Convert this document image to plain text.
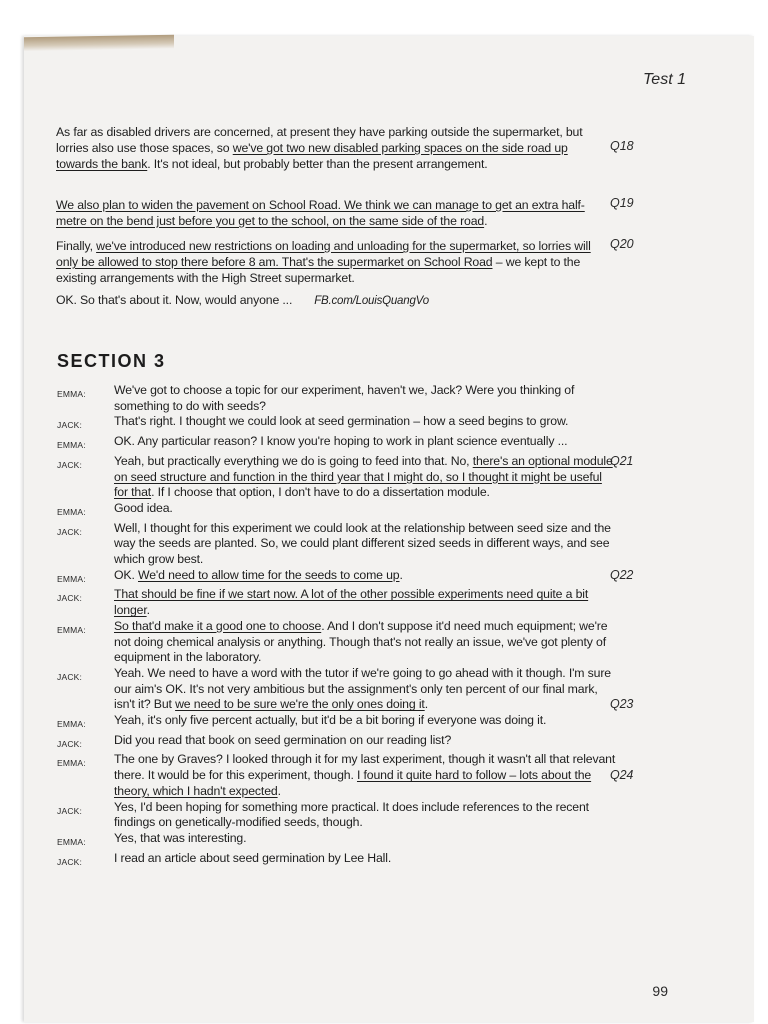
Test 1
As far as disabled drivers are concerned, at present they have parking outside the supermarket, but lorries also use those spaces, so we've got two new disabled parking spaces on the side road up towards the bank. It's not ideal, but probably better than the present arrangement.
Q18
We also plan to widen the pavement on School Road. We think we can manage to get an extra half-metre on the bend just before you get to the school, on the same side of the road.
Q19
Finally, we've introduced new restrictions on loading and unloading for the supermarket, so lorries will only be allowed to stop there before 8 am. That's the supermarket on School Road – we kept to the existing arrangements with the High Street supermarket.
Q20
OK. So that's about it. Now, would anyone ... FB.com/LouisQuangVo
SECTION 3
EMMA:	We've got to choose a topic for our experiment, haven't we, Jack? Were you thinking of something to do with seeds?
JACK:	That's right. I thought we could look at seed germination – how a seed begins to grow.
EMMA:	OK. Any particular reason? I know you're hoping to work in plant science eventually ...
JACK:	Yeah, but practically everything we do is going to feed into that. No, there's an optional module on seed structure and function in the third year that I might do, so I thought it might be useful for that. If I choose that option, I don't have to do a dissertation module.
Q21
EMMA:	Good idea.
JACK:	Well, I thought for this experiment we could look at the relationship between seed size and the way the seeds are planted. So, we could plant different sized seeds in different ways, and see which grow best.
EMMA:	OK. We'd need to allow time for the seeds to come up.	Q22
JACK:	That should be fine if we start now. A lot of the other possible experiments need quite a bit longer.
EMMA:	So that'd make it a good one to choose. And I don't suppose it'd need much equipment; we're not doing chemical analysis or anything. Though that's not really an issue, we've got plenty of equipment in the laboratory.
JACK:	Yeah. We need to have a word with the tutor if we're going to go ahead with it though. I'm sure our aim's OK. It's not very ambitious but the assignment's only ten percent of our final mark, isn't it? But we need to be sure we're the only ones doing it.	Q23
EMMA:	Yeah, it's only five percent actually, but it'd be a bit boring if everyone was doing it.
JACK:	Did you read that book on seed germination on our reading list?
EMMA:	The one by Graves? I looked through it for my last experiment, though it wasn't all that relevant there. It would be for this experiment, though. I found it quite hard to follow – lots about the theory, which I hadn't expected.
Q24
JACK:	Yes, I'd been hoping for something more practical. It does include references to the recent findings on genetically-modified seeds, though.
EMMA:	Yes, that was interesting.
JACK:	I read an article about seed germination by Lee Hall.
99
